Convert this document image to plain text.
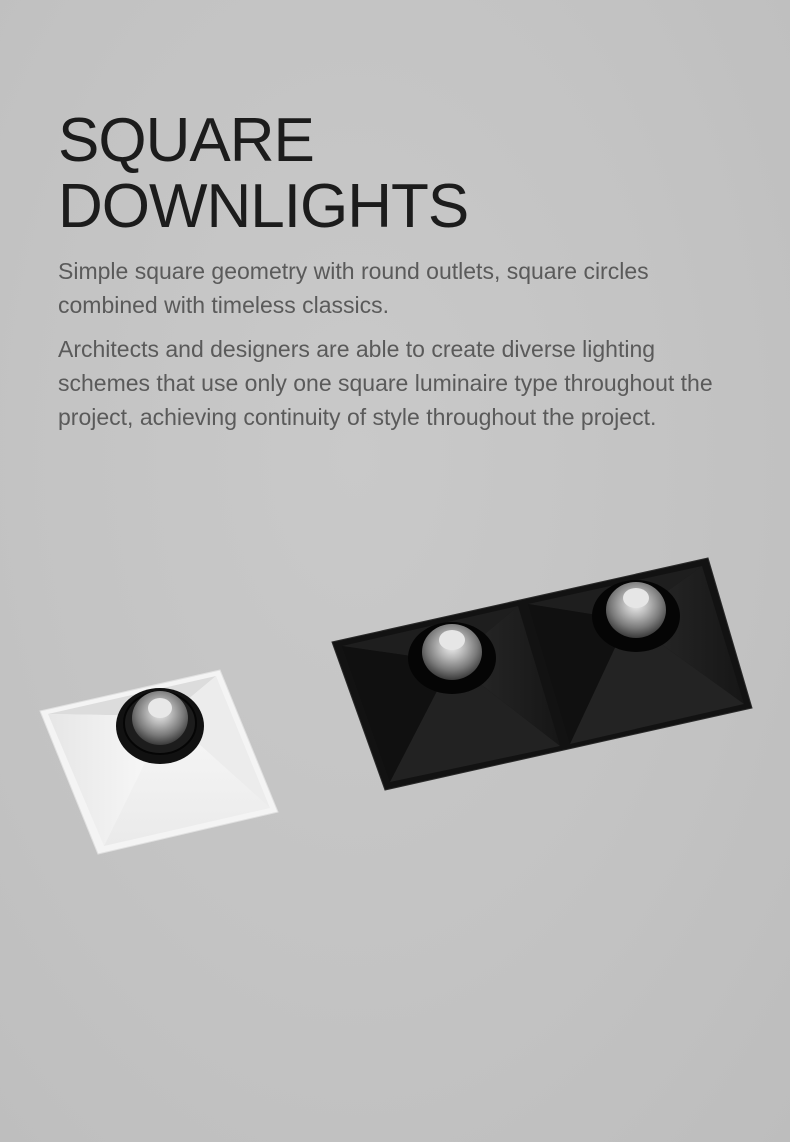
SQUARE
DOWNLIGHTS

Simple square geometry with round outlets, square circles combined with timeless classics.

Architects and designers are able to create diverse lighting schemes that use only one square luminaire type throughout the project, achieving continuity of style throughout the project.
